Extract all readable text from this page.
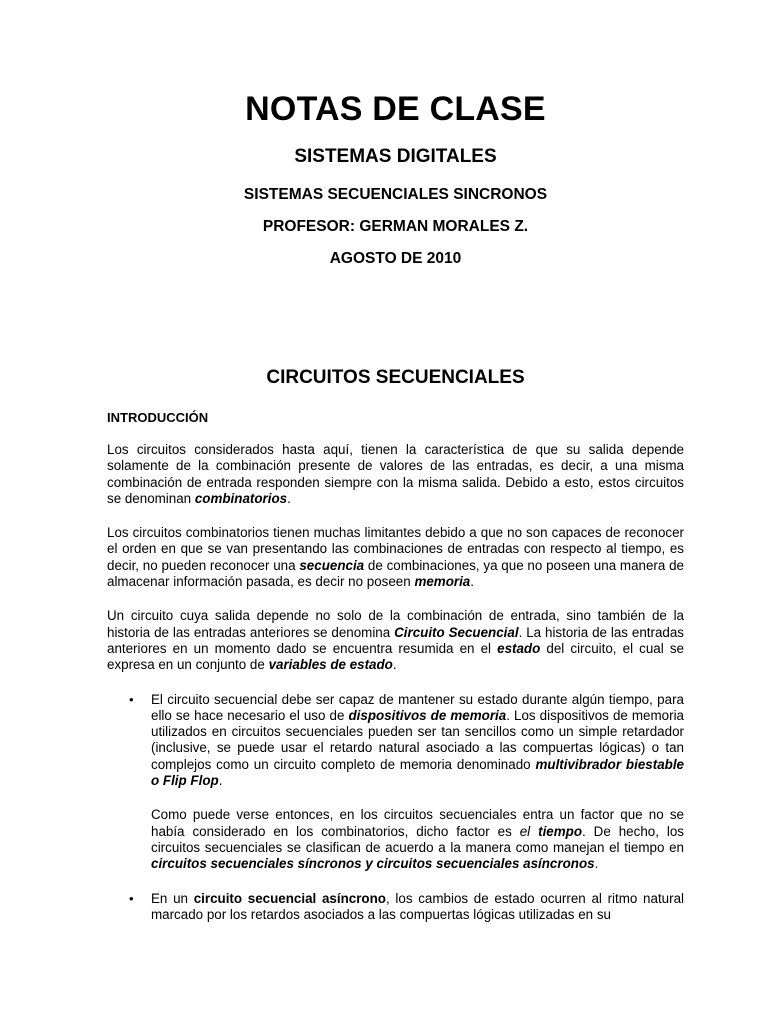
NOTAS DE CLASE
SISTEMAS DIGITALES
SISTEMAS SECUENCIALES SINCRONOS
PROFESOR: GERMAN MORALES Z.
AGOSTO DE 2010
CIRCUITOS SECUENCIALES
INTRODUCCIÓN

Los circuitos considerados hasta aquí, tienen la característica de que su salida depende solamente de la combinación presente de valores de las entradas, es decir, a una misma combinación de entrada responden siempre con la misma salida. Debido a esto, estos circuitos se denominan combinatorios.

Los circuitos combinatorios tienen muchas limitantes debido a que no son capaces de reconocer el orden en que se van presentando las combinaciones de entradas con respecto al tiempo, es decir, no pueden reconocer una secuencia de combinaciones, ya que no poseen una manera de almacenar información pasada, es decir no poseen memoria.

Un circuito cuya salida depende no solo de la combinación de entrada, sino también de la historia de las entradas anteriores se denomina Circuito Secuencial. La historia de las entradas anteriores en un momento dado se encuentra resumida en el estado del circuito, el cual se expresa en un conjunto de variables de estado.

• El circuito secuencial debe ser capaz de mantener su estado durante algún tiempo, para ello se hace necesario el uso de dispositivos de memoria. Los dispositivos de memoria utilizados en circuitos secuenciales pueden ser tan sencillos como un simple retardador (inclusive, se puede usar el retardo natural asociado a las compuertas lógicas) o tan complejos como un circuito completo de memoria denominado multivibrador biestable o Flip Flop.

Como puede verse entonces, en los circuitos secuenciales entra un factor que no se había considerado en los combinatorios, dicho factor es el tiempo. De hecho, los circuitos secuenciales se clasifican de acuerdo a la manera como manejan el tiempo en circuitos secuenciales síncronos y circuitos secuenciales asíncronos.

• En un circuito secuencial asíncrono, los cambios de estado ocurren al ritmo natural marcado por los retardos asociados a las compuertas lógicas utilizadas en su
